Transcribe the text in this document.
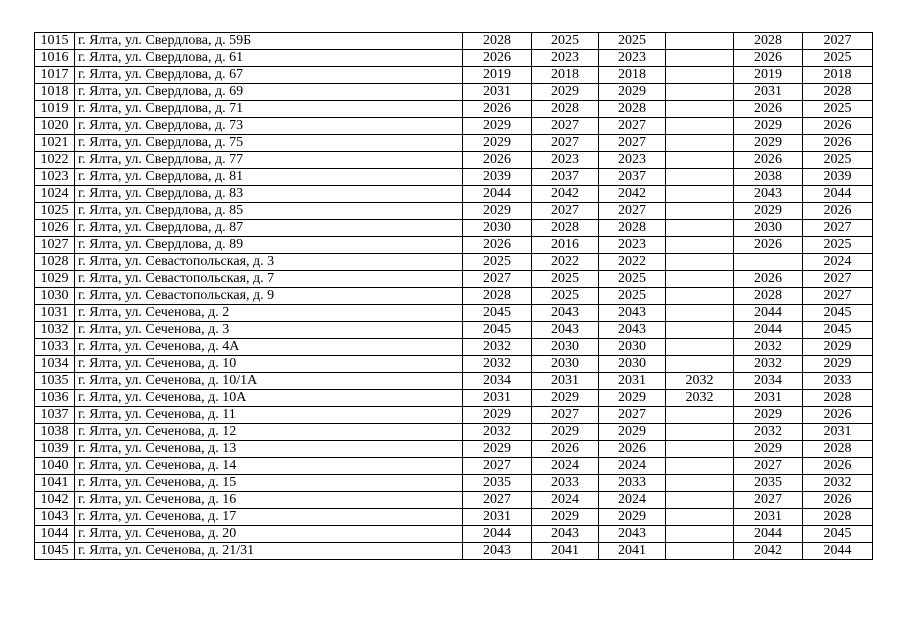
1015	г. Ялта, ул. Свердлова, д. 59Б	2028	2025	2025		2028	2027
1016	г. Ялта, ул. Свердлова, д. 61	2026	2023	2023		2026	2025
1017	г. Ялта, ул. Свердлова, д. 67	2019	2018	2018		2019	2018
1018	г. Ялта, ул. Свердлова, д. 69	2031	2029	2029		2031	2028
1019	г. Ялта, ул. Свердлова, д. 71	2026	2028	2028		2026	2025
1020	г. Ялта, ул. Свердлова, д. 73	2029	2027	2027		2029	2026
1021	г. Ялта, ул. Свердлова, д. 75	2029	2027	2027		2029	2026
1022	г. Ялта, ул. Свердлова, д. 77	2026	2023	2023		2026	2025
1023	г. Ялта, ул. Свердлова, д. 81	2039	2037	2037		2038	2039
1024	г. Ялта, ул. Свердлова, д. 83	2044	2042	2042		2043	2044
1025	г. Ялта, ул. Свердлова, д. 85	2029	2027	2027		2029	2026
1026	г. Ялта, ул. Свердлова, д. 87	2030	2028	2028		2030	2027
1027	г. Ялта, ул. Свердлова, д. 89	2026	2016	2023		2026	2025
1028	г. Ялта, ул. Севастопольская, д. 3	2025	2022	2022			2024
1029	г. Ялта, ул. Севастопольская, д. 7	2027	2025	2025		2026	2027
1030	г. Ялта, ул. Севастопольская, д. 9	2028	2025	2025		2028	2027
1031	г. Ялта, ул. Сеченова, д. 2	2045	2043	2043		2044	2045
1032	г. Ялта, ул. Сеченова, д. 3	2045	2043	2043		2044	2045
1033	г. Ялта, ул. Сеченова, д. 4А	2032	2030	2030		2032	2029
1034	г. Ялта, ул. Сеченова, д. 10	2032	2030	2030		2032	2029
1035	г. Ялта, ул. Сеченова, д. 10/1А	2034	2031	2031	2032	2034	2033
1036	г. Ялта, ул. Сеченова, д. 10А	2031	2029	2029	2032	2031	2028
1037	г. Ялта, ул. Сеченова, д. 11	2029	2027	2027		2029	2026
1038	г. Ялта, ул. Сеченова, д. 12	2032	2029	2029		2032	2031
1039	г. Ялта, ул. Сеченова, д. 13	2029	2026	2026		2029	2028
1040	г. Ялта, ул. Сеченова, д. 14	2027	2024	2024		2027	2026
1041	г. Ялта, ул. Сеченова, д. 15	2035	2033	2033		2035	2032
1042	г. Ялта, ул. Сеченова, д. 16	2027	2024	2024		2027	2026
1043	г. Ялта, ул. Сеченова, д. 17	2031	2029	2029		2031	2028
1044	г. Ялта, ул. Сеченова, д. 20	2044	2043	2043		2044	2045
1045	г. Ялта, ул. Сеченова, д. 21/31	2043	2041	2041		2042	2044
